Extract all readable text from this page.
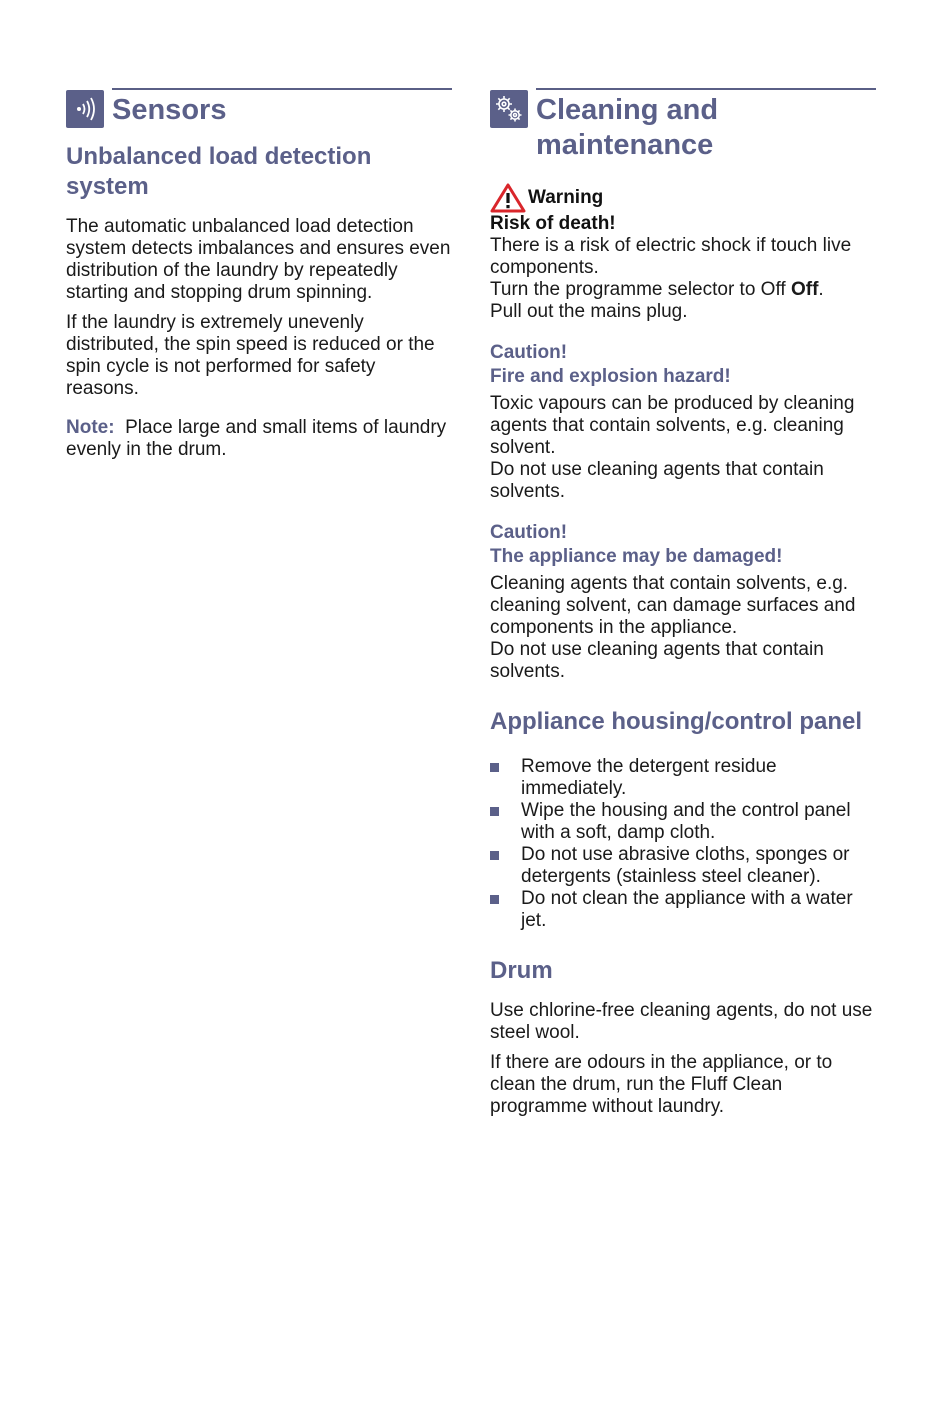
Sensors
Unbalanced load detection system

The automatic unbalanced load detection system detects imbalances and ensures even distribution of the laundry by repeatedly starting and stopping drum spinning.

If the laundry is extremely unevenly distributed, the spin speed is reduced or the spin cycle is not performed for safety reasons.

Note: Place large and small items of laundry evenly in the drum.

Cleaning and
maintenance
Warning
Risk of death!

There is a risk of electric shock if touch live components.

Turn the programme selector to Off Off.

Pull out the mains plug.

Caution!
Fire and explosion hazard!

Toxic vapours can be produced by cleaning agents that contain solvents, e.g. cleaning solvent.

Do not use cleaning agents that contain solvents.

Caution!
The appliance may be damaged!

Cleaning agents that contain solvents, e.g. cleaning solvent, can damage surfaces and components in the appliance.

Do not use cleaning agents that contain solvents.

Appliance housing/control panel
Remove the detergent residue immediately.
Wipe the housing and the control panel with a soft, damp cloth.
Do not use abrasive cloths, sponges or detergents (stainless steel cleaner).
Do not clean the appliance with a water jet.
Drum

Use chlorine-free cleaning agents, do not use steel wool.

If there are odours in the appliance, or to clean the drum, run the Fluff Clean programme without laundry.
